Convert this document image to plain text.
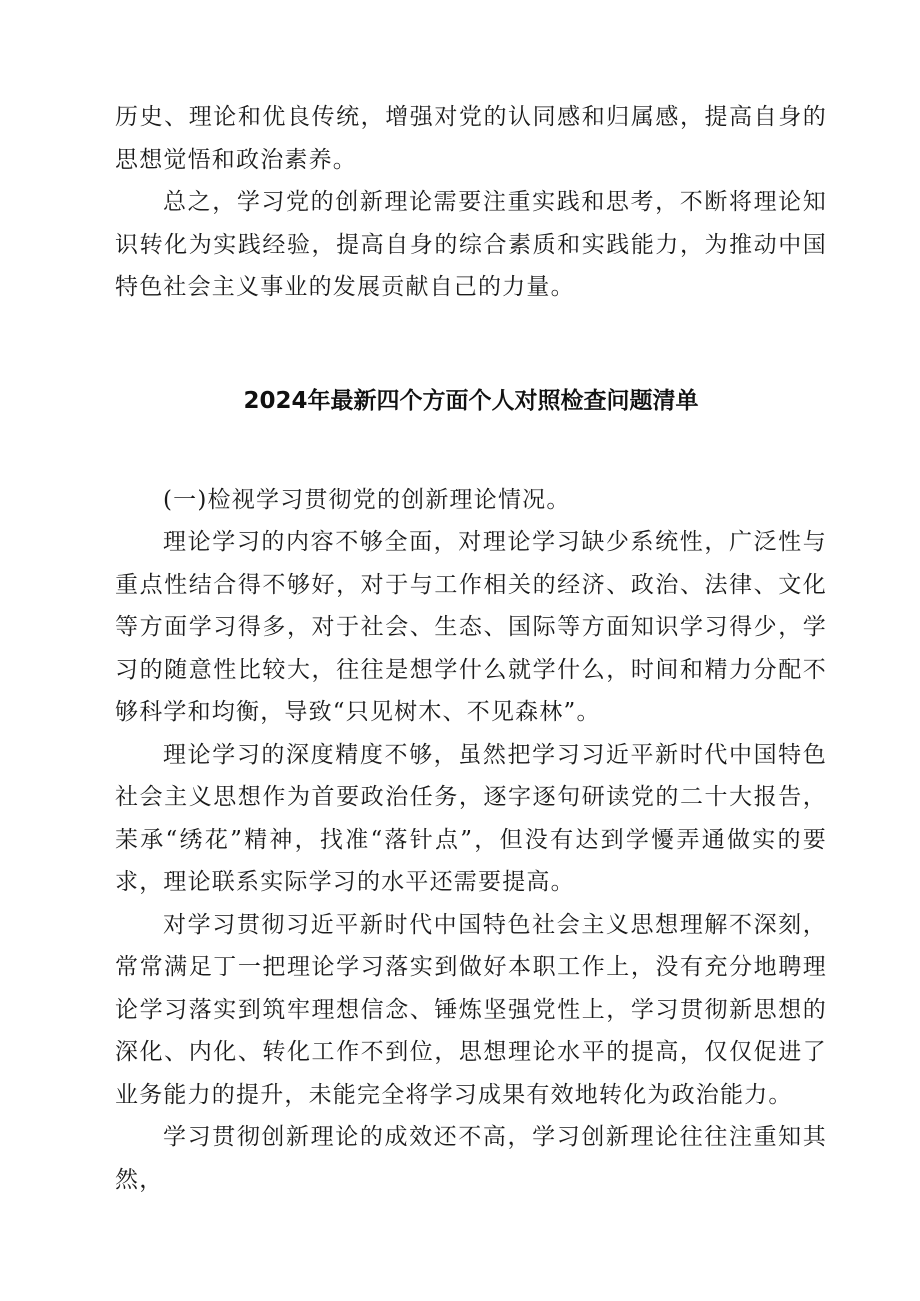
历史、理论和优良传统，增强对党的认同感和归属感，提高自身的思想觉悟和政治素养。

总之，学习党的创新理论需要注重实践和思考，不断将理论知识转化为实践经验，提高自身的综合素质和实践能力，为推动中国特色社会主义事业的发展贡献自己的力量。

2024年最新四个方面个人对照检查问题清单

(一)检视学习贯彻党的创新理论情况。

理论学习的内容不够全面，对理论学习缺少系统性，广泛性与重点性结合得不够好，对于与工作相关的经济、政治、法律、文化等方面学习得多，对于社会、生态、国际等方面知识学习得少，学习的随意性比较大，往往是想学什么就学什么，时间和精力分配不够科学和均衡，导致“只见树木、不见森林”。

理论学习的深度精度不够，虽然把学习习近平新时代中国特色社会主义思想作为首要政治任务，逐字逐句研读党的二十大报告，苿承“绣花”精神，找准“落针点”，但没有达到学懮弄通做实的要求，理论联系实际学习的水平还需要提高。

对学习贯彻习近平新时代中国特色社会主义思想理解不深刻，常常满足丁一把理论学习落实到做好本职工作上，没有充分地聘理论学习落实到筑牢理想信念、锤炼坚强党性上，学习贯彻新思想的深化、内化、转化工作不到位，思想理论水平的提高，仅仅促进了业务能力的提升，未能完全将学习成果有效地转化为政治能力。

学习贯彻创新理论的成效还不高，学习创新理论往往注重知其然，
